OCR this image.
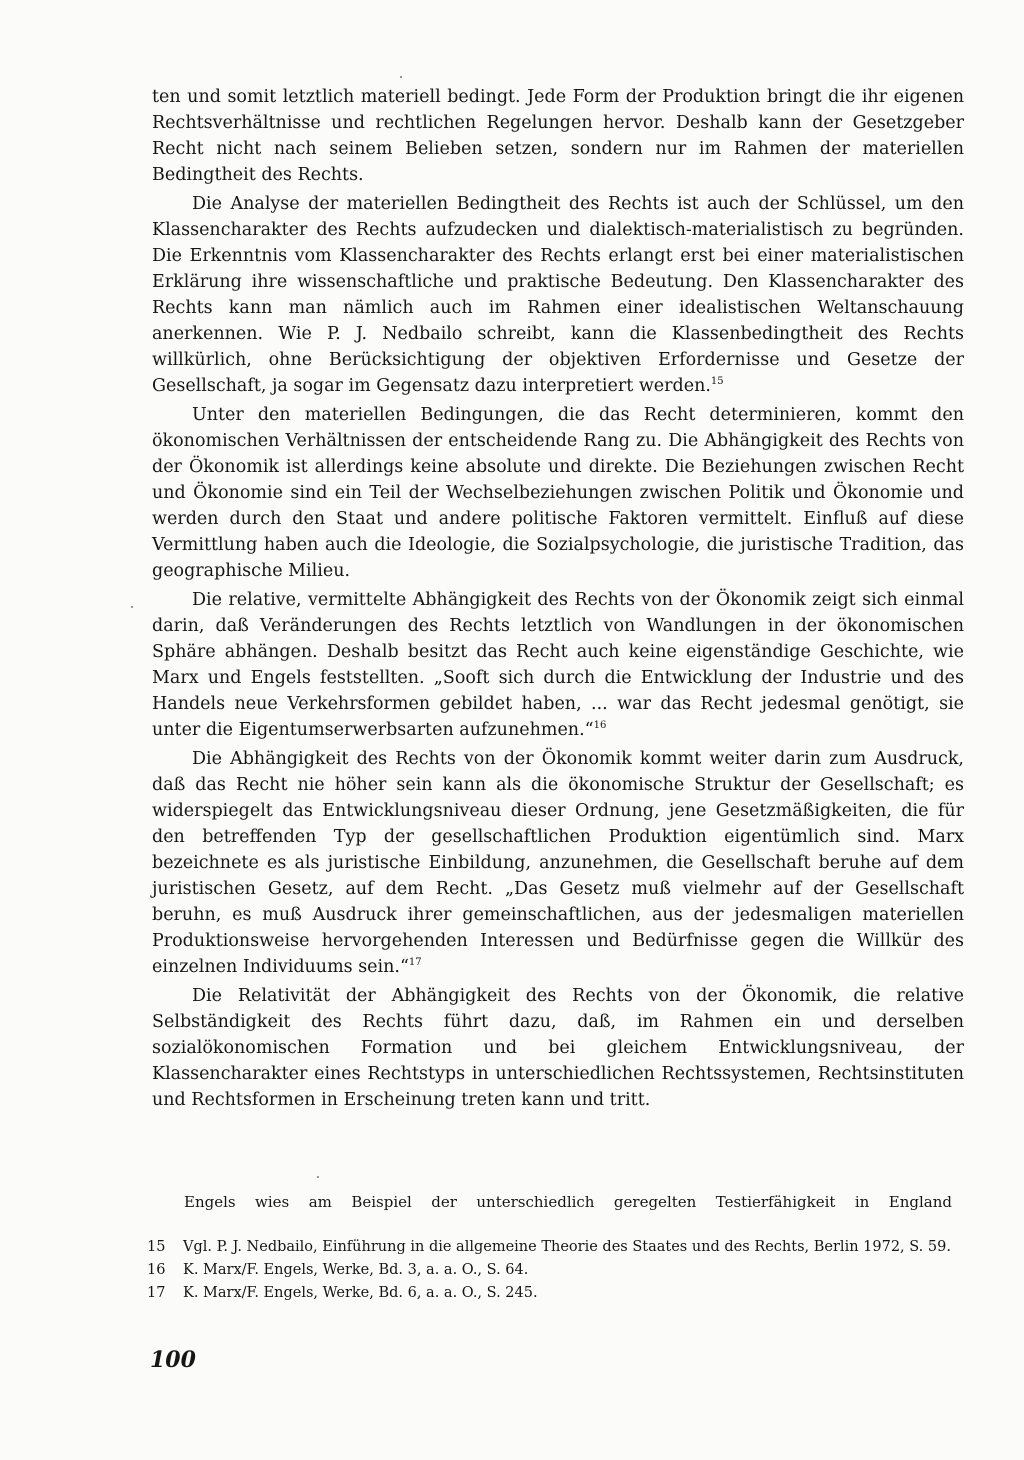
ten und somit letztlich materiell bedingt. Jede Form der Produktion bringt die ihr eigenen Rechtsverhältnisse und rechtlichen Regelungen hervor. Deshalb kann der Gesetzgeber Recht nicht nach seinem Belieben setzen, sondern nur im Rahmen der materiellen Bedingtheit des Rechts.

Die Analyse der materiellen Bedingtheit des Rechts ist auch der Schlüssel, um den Klassencharakter des Rechts aufzudecken und dialektisch-materialistisch zu begründen. Die Erkenntnis vom Klassencharakter des Rechts erlangt erst bei einer materialistischen Erklärung ihre wissenschaftliche und praktische Bedeutung. Den Klassencharakter des Rechts kann man nämlich auch im Rahmen einer idealistischen Weltanschauung anerkennen. Wie P. J. Nedbailo schreibt, kann die Klassenbedingtheit des Rechts willkürlich, ohne Berücksichtigung der objektiven Erfordernisse und Gesetze der Gesellschaft, ja sogar im Gegensatz dazu interpretiert werden.$^{15}$

Unter den materiellen Bedingungen, die das Recht determinieren, kommt den ökonomischen Verhältnissen der entscheidende Rang zu. Die Abhängigkeit des Rechts von der Ökonomik ist allerdings keine absolute und direkte. Die Beziehungen zwischen Recht und Ökonomie sind ein Teil der Wechselbeziehungen zwischen Politik und Ökonomie und werden durch den Staat und andere politische Faktoren vermittelt. Einfluß auf diese Vermittlung haben auch die Ideologie, die Sozialpsychologie, die juristische Tradition, das geographische Milieu.

Die relative, vermittelte Abhängigkeit des Rechts von der Ökonomik zeigt sich einmal darin, daß Veränderungen des Rechts letztlich von Wandlungen in der ökonomischen Sphäre abhängen. Deshalb besitzt das Recht auch keine eigenständige Geschichte, wie Marx und Engels feststellten. „Sooft sich durch die Entwicklung der Industrie und des Handels neue Verkehrsformen gebildet haben, ... war das Recht jedesmal genötigt, sie unter die Eigentumserwerbsarten aufzunehmen.“$^{16}$

Die Abhängigkeit des Rechts von der Ökonomik kommt weiter darin zum Ausdruck, daß das Recht nie höher sein kann als die ökonomische Struktur der Gesellschaft; es widerspiegelt das Entwicklungsniveau dieser Ordnung, jene Gesetzmäßigkeiten, die für den betreffenden Typ der gesellschaftlichen Produktion eigentümlich sind. Marx bezeichnete es als juristische Einbildung, anzunehmen, die Gesellschaft beruhe auf dem juristischen Gesetz, auf dem Recht. „Das Gesetz muß vielmehr auf der Gesellschaft beruhn, es muß Ausdruck ihrer gemeinschaftlichen, aus der jedesmaligen materiellen Produktionsweise hervorgehenden Interessen und Bedürfnisse gegen die Willkür des einzelnen Individuums sein.“$^{17}$

Die Relativität der Abhängigkeit des Rechts von der Ökonomik, die relative Selbständigkeit des Rechts führt dazu, daß, im Rahmen ein und derselben sozialökonomischen Formation und bei gleichem Entwicklungsniveau, der Klassencharakter eines Rechtstyps in unterschiedlichen Rechtssystemen, Rechtsinstituten und Rechtsformen in Erscheinung treten kann und tritt.

Engels wies am Beispiel der unterschiedlich geregelten Testierfähigkeit in England

15	Vgl. P. J. Nedbailo, Einführung in die allgemeine Theorie des Staates und des Rechts, Berlin 1972, S. 59.
16	K. Marx/F. Engels, Werke, Bd. 3, a. a. O., S. 64.
17	K. Marx/F. Engels, Werke, Bd. 6, a. a. O., S. 245.

100
